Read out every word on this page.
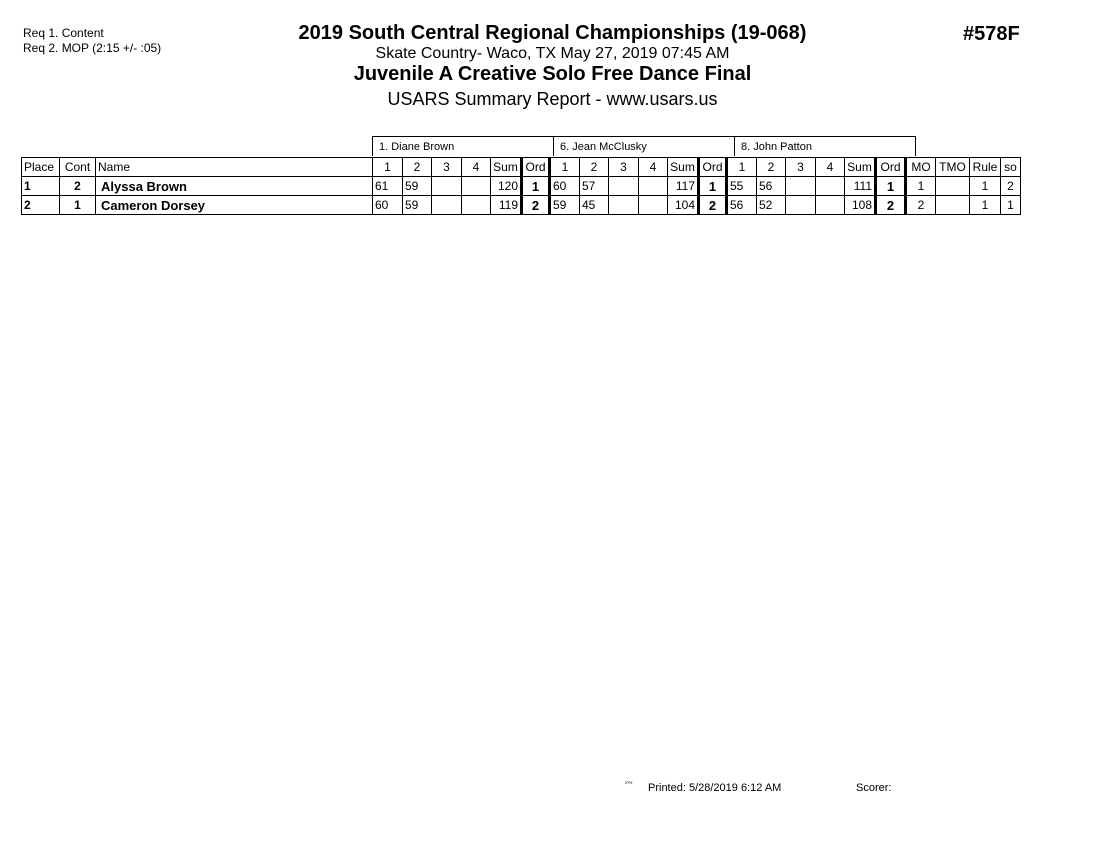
Req 1. Content
Req 2. MOP (2:15 +/- :05)
2019 South Central Regional Championships (19-068)
Skate Country- Waco, TX May 27, 2019 07:45 AM
Juvenile A Creative Solo Free Dance Final
USARS Summary Report - www.usars.us
#578F
1. Diane Brown	6. Jean McClusky	8. John Patton
Place	Cont	Name	1	2	3	4	Sum	Ord	1	2	3	4	Sum	Ord	1	2	3	4	Sum	Ord	MO	TMO	Rule	so
1	2	Alyssa Brown	61	59			120	1	60	57			117	1	55	56			111	1	1		1	2
2	1	Cameron Dorsey	60	59			119	2	59	45			104	2	56	52			108	2	2		1	1
²⁰⁰³ Printed: 5/28/2019 6:12 AM	Scorer:
